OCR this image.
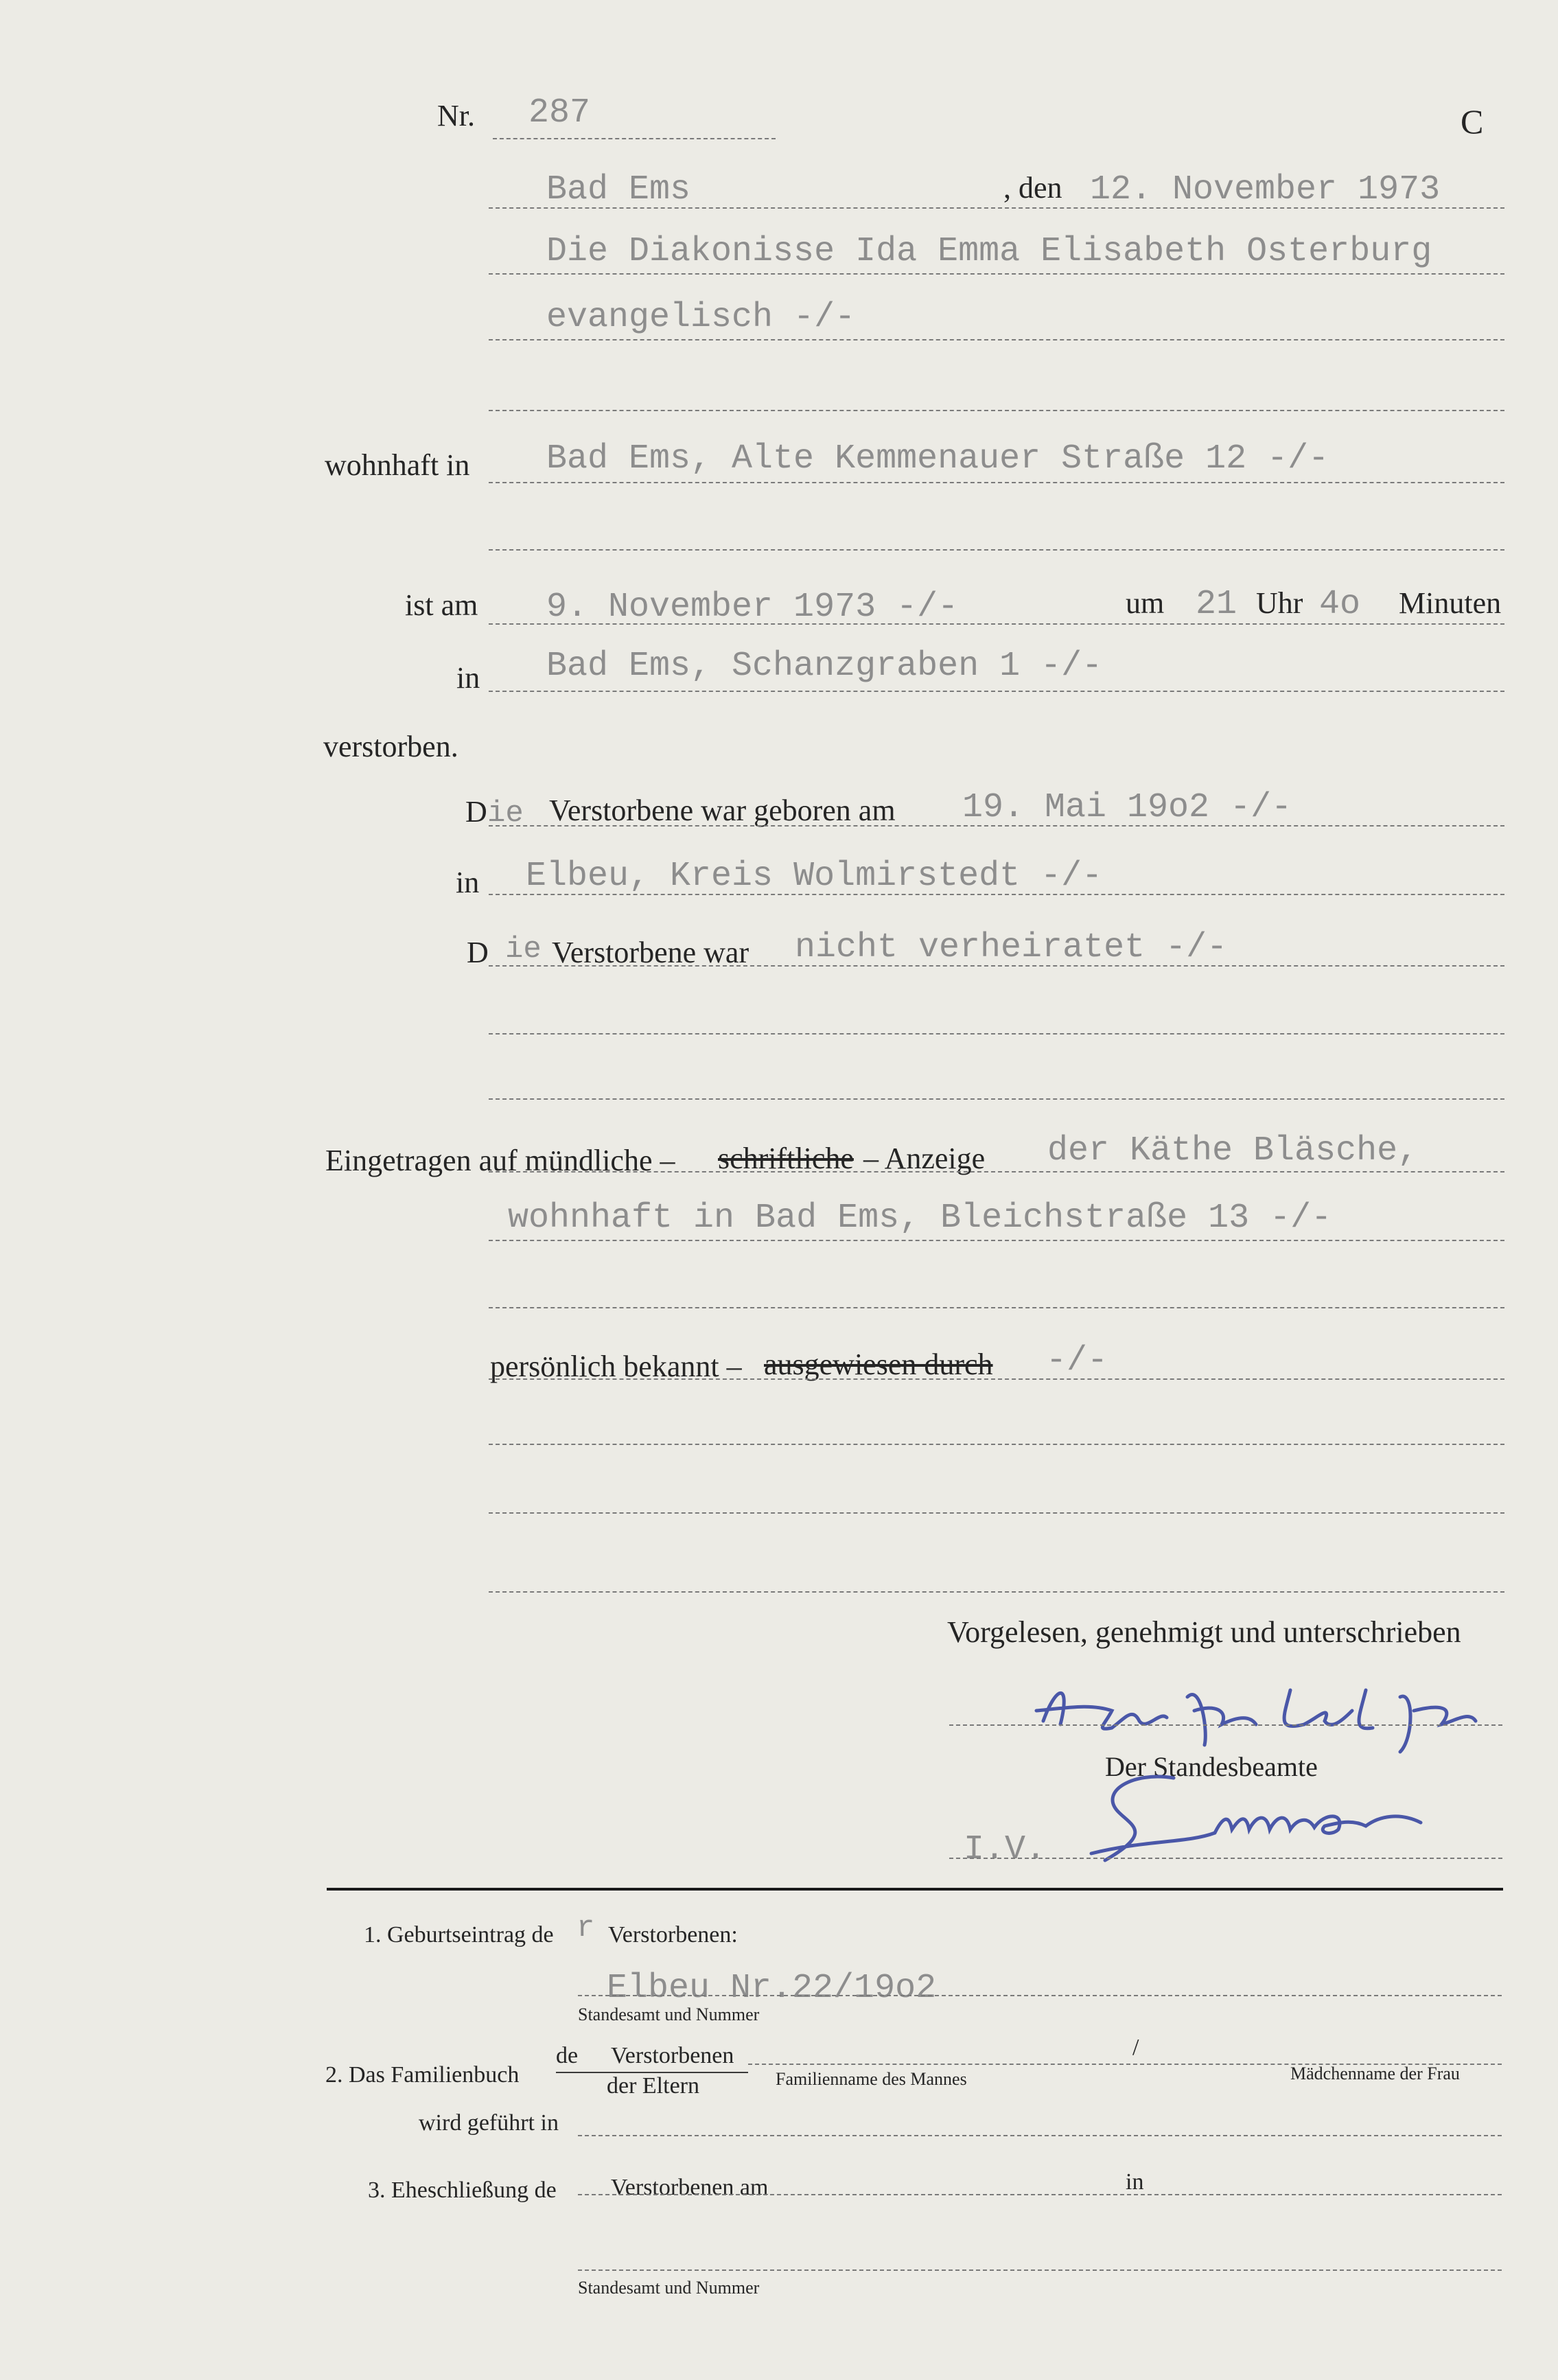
Nr. 287	C
Bad Ems	, den 12. November 1973
Die Diakonisse Ida Emma Elisabeth Osterburg
evangelisch -/-
wohnhaft in Bad Ems, Alte Kemmenauer Straße 12 -/-
ist am 9. November 1973 -/-	um 21 Uhr 4o Minuten
in Bad Ems, Schanzgraben 1 -/-
verstorben.
D ie Verstorbene war geboren am 19. Mai 19o2 -/-
in Elbeu, Kreis Wolmirstedt -/-
D ie Verstorbene war nicht verheiratet -/-
Eingetragen auf mündliche – schriftliche – Anzeige der Käthe Bläsche,
wohnhaft in Bad Ems, Bleichstraße 13 -/-
persönlich bekannt – ausgewiesen durch -/-
Vorgelesen, genehmigt und unterschrieben
Der Standesbeamte
I.V.
1. Geburtseintrag de r Verstorbenen:
Elbeu Nr.22/19o2
Standesamt und Nummer
2. Das Familienbuch
de Verstorbenen
der Eltern
/
Familienname des Mannes	Mädchenname der Frau
wird geführt in
3. Eheschließung de Verstorbenen am	in
Standesamt und Nummer
